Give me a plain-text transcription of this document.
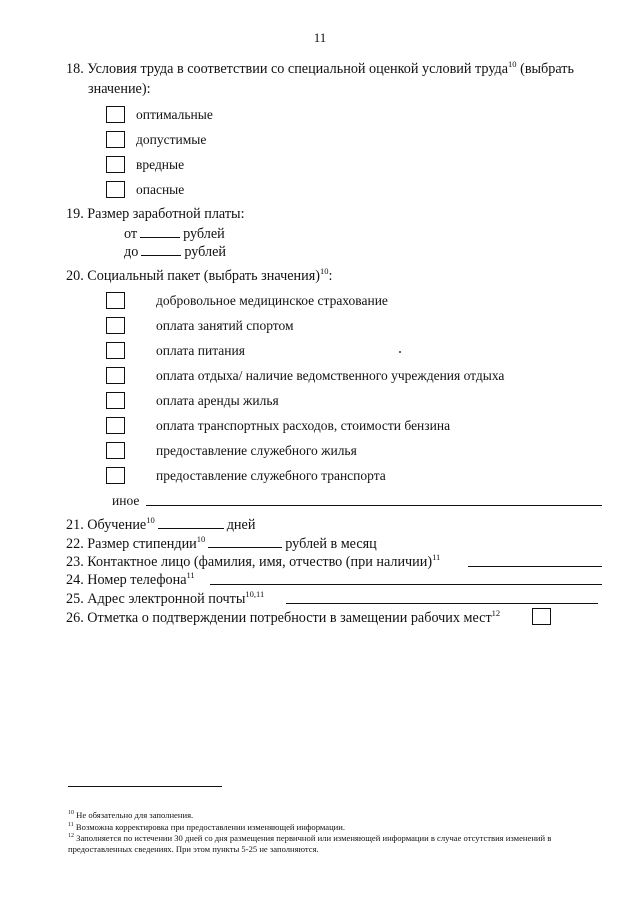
11
18. Условия труда в соответствии со специальной оценкой условий труда$^{10}$ (выбрать
значение):
оптимальные
допустимые
вредные
опасные
19. Размер заработной платы:
от	рублей
до	рублей
20. Социальный пакет (выбрать значения)$^{10}$:
добровольное медицинское страхование
оплата занятий спортом
оплата питания
оплата отдыха/ наличие ведомственного учреждения отдыха
оплата аренды жилья
оплата транспортных расходов, стоимости бензина
предоставление служебного жилья
предоставление служебного транспорта
иное
21. Обучение$^{10}$	дней
22. Размер стипендии$^{10}$	рублей в месяц
23. Контактное лицо (фамилия, имя, отчество (при наличии)$^{11}$
24. Номер телефона$^{11}$
25. Адрес электронной почты$^{10,11}$
26. Отметка о подтверждении потребности в замещении рабочих мест$^{12}$
$^{10}$ Не обязательно для заполнения.
$^{11}$ Возможна корректировка при предоставлении изменяющей информации.
$^{12}$ Заполняется по истечении 30 дней со дня размещения первичной или изменяющей информации в случае отсутствия изменений в предоставленных сведениях. При этом пункты 5-25 не заполняются.
